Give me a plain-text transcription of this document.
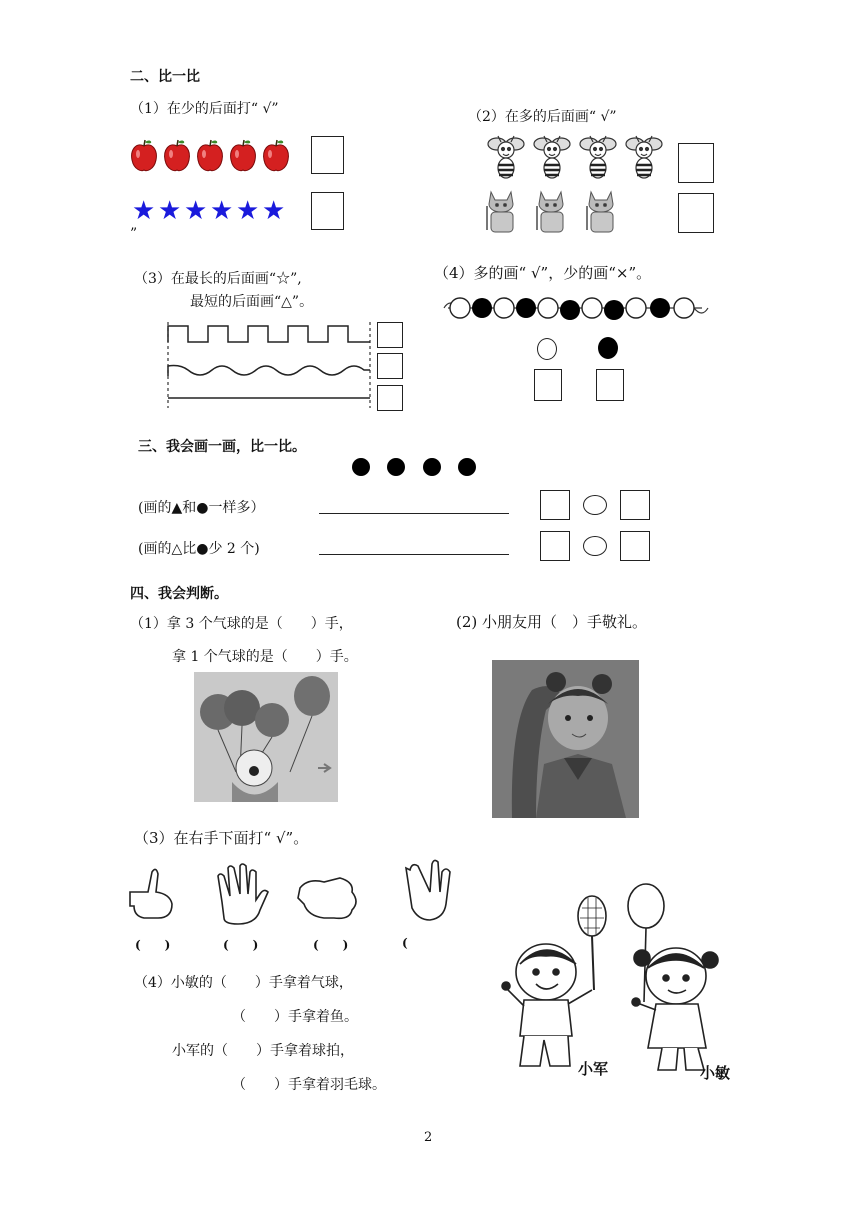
二、比一比
（1）在少的后面打“ √”	（2）在多的后面画“ √”
★ ★ ★ ★ ★ ★
”
（3）在最长的后面画“☆”,
最短的后面画“△”。
（4）多的画“ √”，少的画“×”。
三、我会画一画，比一比。
(画的▲和●一样多）
(画的△比●少 2 个)
四、我会判断。
（1）拿 3 个气球的是（　　）手，
拿 1 个气球的是（　　）手。
(2) 小朋友用（　）手敬礼。
（3）在右手下面打“ √”。
(　　)	(　　)	(　　)	(
（4）小敏的（　　）手拿着气球，
（　　）手拿着鱼。
小军的（　　）手拿着球拍，
（　　）手拿着羽毛球。
小军	小敏
2
